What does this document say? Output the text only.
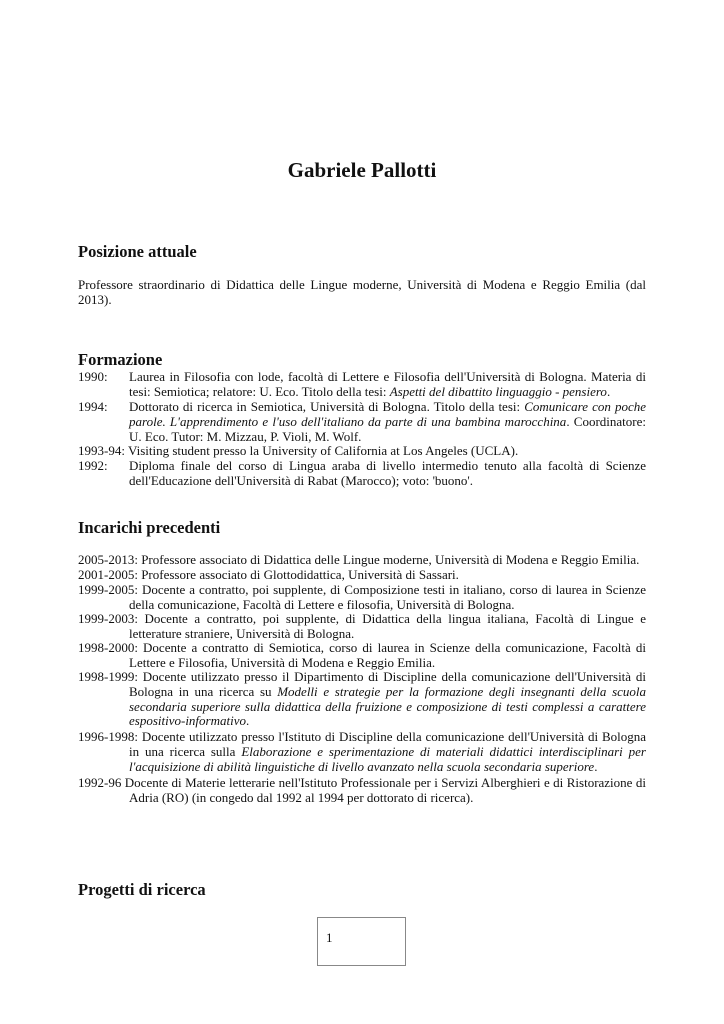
Gabriele Pallotti
Posizione attuale

Professore straordinario di Didattica delle Lingue moderne, Università di Modena e Reggio Emilia (dal 2013).

Formazione
1990: Laurea in Filosofia con lode, facoltà di Lettere e Filosofia dell'Università di Bologna. Materia di tesi: Semiotica; relatore: U. Eco. Titolo della tesi: Aspetti del dibattito linguaggio - pensiero.
1994: Dottorato di ricerca in Semiotica, Università di Bologna. Titolo della tesi: Comunicare con poche parole. L'apprendimento e l'uso dell'italiano da parte di una bambina marocchina. Coordinatore: U. Eco. Tutor: M. Mizzau, P. Violi, M. Wolf.
1993-94: Visiting student presso la University of California at Los Angeles (UCLA).
1992: Diploma finale del corso di Lingua araba di livello intermedio tenuto alla facoltà di Scienze dell'Educazione dell'Università di Rabat (Marocco); voto: 'buono'.
Incarichi precedenti
2005-2013: Professore associato di Didattica delle Lingue moderne, Università di Modena e Reggio Emilia.
2001-2005: Professore associato di Glottodidattica, Università di Sassari.
1999-2005: Docente a contratto, poi supplente, di Composizione testi in italiano, corso di laurea in Scienze della comunicazione, Facoltà di Lettere e filosofia, Università di Bologna.
1999-2003: Docente a contratto, poi supplente, di Didattica della lingua italiana, Facoltà di Lingue e letterature straniere, Università di Bologna.
1998-2000: Docente a contratto di Semiotica, corso di laurea in Scienze della comunicazione, Facoltà di Lettere e Filosofia, Università di Modena e Reggio Emilia.
1998-1999: Docente utilizzato presso il Dipartimento di Discipline della comunicazione dell'Università di Bologna in una ricerca su Modelli e strategie per la formazione degli insegnanti della scuola secondaria superiore sulla didattica della fruizione e composizione di testi complessi a carattere espositivo-informativo.
1996-1998: Docente utilizzato presso l'Istituto di Discipline della comunicazione dell'Università di Bologna in una ricerca sulla Elaborazione e sperimentazione di materiali didattici interdisciplinari per l'acquisizione di abilità linguistiche di livello avanzato nella scuola secondaria superiore.
1992-96 Docente di Materie letterarie nell'Istituto Professionale per i Servizi Alberghieri e di Ristorazione di Adria (RO) (in congedo dal 1992 al 1994 per dottorato di ricerca).
Progetti di ricerca
1
